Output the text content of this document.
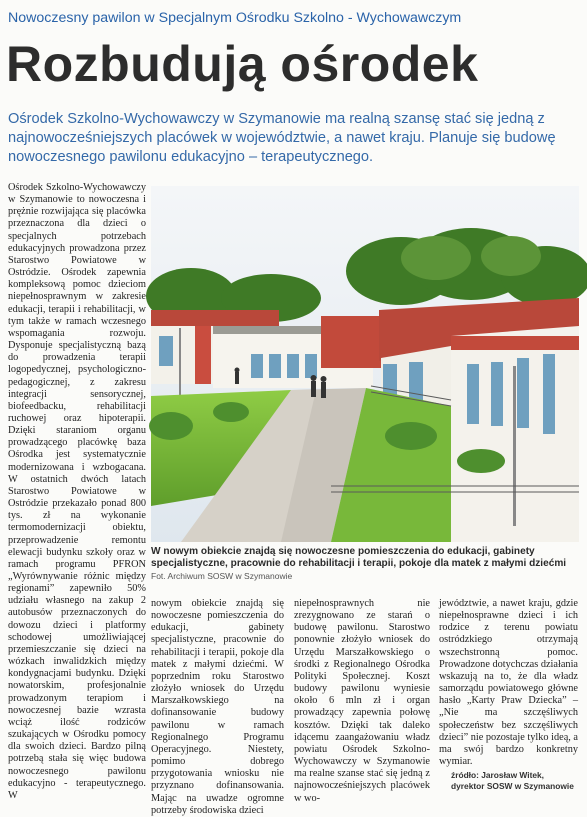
Nowoczesny pawilon w Specjalnym Ośrodku Szkolno - Wychowawczym
Rozbudują ośrodek
Ośrodek Szkolno-Wychowawczy w Szymanowie ma realną szansę stać się jedną z najnowocześniejszych placówek w województwie, a nawet kraju. Planuje się budowę nowoczesnego pawilonu edukacyjno – terapeutycznego.
Ośrodek Szkolno-Wychowawczy w Szymanowie to nowoczesna i prężnie rozwijająca się placówka przeznaczona dla dzieci o specjalnych potrzebach edukacyjnych prowadzona przez Starostwo Powiatowe w Ostródzie. Ośrodek zapewnia kompleksową pomoc dzieciom niepełnosprawnym w zakresie edukacji, terapii i rehabilitacji, w tym także w ramach wczesnego wspomagania rozwoju. Dysponuje specjalistyczną bazą do prowadzenia terapii logopedycznej, psychologiczno-pedagogicznej, z zakresu integracji sensorycznej, biofeedbacku, rehabilitacji ruchowej oraz hipoterapii. Dzięki staraniom organu prowadzącego placówkę baza Ośrodka jest systematycznie modernizowana i wzbogacana. W ostatnich dwóch latach Starostwo Powiatowe w Ostródzie przekazało ponad 800 tys. zł na wykonanie termomodernizacji obiektu, przeprowadzenie remontu elewacji budynku szkoły oraz w ramach programu PFRON „Wyrównywanie różnic między regionami” zapewniło 50% udziału własnego na zakup 2 autobusów przeznaczonych do dowozu dzieci i platformy schodowej umożliwiającej przemieszczanie się dzieci na wózkach inwalidzkich między kondygnacjami budynku. Dzięki nowatorskim, profesjonalnie prowadzonym terapiom i nowoczesnej bazie wzrasta wciąż ilość rodziców szukających w Ośrodku pomocy dla swoich dzieci. Bardzo pilną potrzebą stała się więc budowa nowoczesnego pawilonu edukacyjno - terapeutycznego. W
W nowym obiekcie znajdą się nowoczesne pomieszczenia do edukacji, gabinety specjalistyczne, pracownie do rehabilitacji i terapii, pokoje dla matek z małymi dziećmi
Fot. Archiwum SOSW w Szymanowie
nowym obiekcie znajdą się nowoczesne pomieszczenia do edukacji, gabinety specjalistyczne, pracownie do rehabilitacji i terapii, pokoje dla matek z małymi dziećmi. W poprzednim roku Starostwo złożyło wniosek do Urzędu Marszałkowskiego na dofinansowanie budowy pawilonu w ramach Regionalnego Programu Operacyjnego. Niestety, pomimo dobrego przygotowania wniosku nie przyznano dofinansowania. Mając na uwadze ogromne potrzeby środowiska dzieci
niepełnosprawnych nie zrezygnowano ze starań o budowę pawilonu. Starostwo ponownie złożyło wniosek do Urzędu Marszałkowskiego o środki z Regionalnego Ośrodka Polityki Społecznej. Koszt budowy pawilonu wyniesie około 6 mln zł i organ prowadzący zapewnia połowę kosztów. Dzięki tak daleko idącemu zaangażowaniu władz powiatu Ośrodek Szkolno-Wychowawczy w Szymanowie ma realne szanse stać się jedną z najnowocześniejszych placówek w wo-
jewództwie, a nawet kraju, gdzie niepełnosprawne dzieci i ich rodzice z terenu powiatu ostródzkiego otrzymają wszechstronną pomoc. Prowadzone dotychczas działania wskazują na to, że dla władz samorządu powiatowego główne hasło „Karty Praw Dziecka” – „Nie ma szczęśliwych społeczeństw bez szczęśliwych dzieci” nie pozostaje tylko ideą, a ma swój bardzo konkretny wymiar.
źródło: Jarosław Witek,
dyrektor SOSW w Szymanowie
